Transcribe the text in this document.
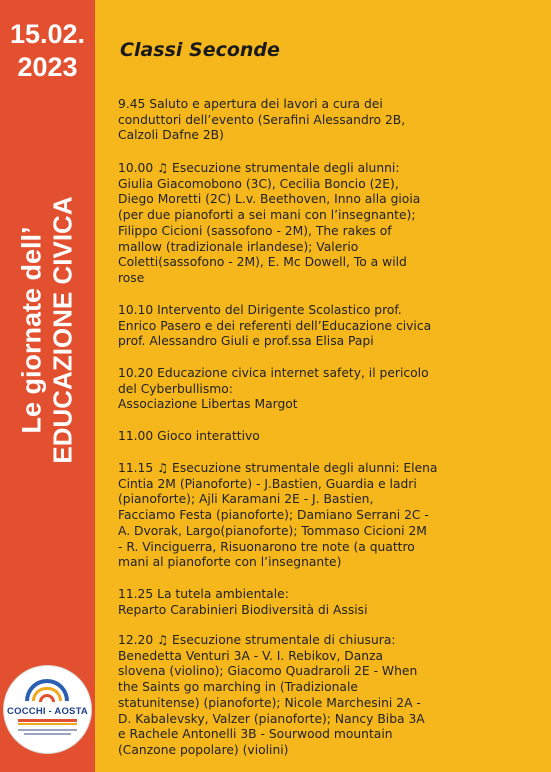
15.02.
2023
Le giornate dell’ EDUCAZIONE CIVICA
COCCHI - AOSTA
Classi Seconde
9.45 Saluto e apertura dei lavori a cura dei
conduttori dell’evento (Serafini Alessandro 2B,
Calzoli Dafne 2B)
10.00 ♫ Esecuzione strumentale degli alunni:
Giulia Giacomobono (3C), Cecilia Boncio (2E),
Diego Moretti (2C) L.v. Beethoven, Inno alla gioia
(per due pianoforti a sei mani con l’insegnante);
Filippo Cicioni (sassofono - 2M), The rakes of
mallow (tradizionale irlandese); Valerio
Coletti(sassofono - 2M), E. Mc Dowell, To a wild
rose
10.10 Intervento del Dirigente Scolastico prof.
Enrico Pasero e dei referenti dell’Educazione civica
prof. Alessandro Giuli e prof.ssa Elisa Papi
10.20 Educazione civica internet safety, il pericolo
del Cyberbullismo:
Associazione Libertas Margot
11.00 Gioco interattivo
11.15 ♫ Esecuzione strumentale degli alunni: Elena
Cintia 2M (Pianoforte) - J.Bastien, Guardia e ladri
(pianoforte); Ajli Karamani 2E - J. Bastien,
Facciamo Festa (pianoforte); Damiano Serrani 2C -
A. Dvorak, Largo(pianoforte); Tommaso Cicioni 2M
- R. Vinciguerra, Risuonarono tre note (a quattro
mani al pianoforte con l’insegnante)
11.25 La tutela ambientale:
Reparto Carabinieri Biodiversità di Assisi
12.20 ♫ Esecuzione strumentale di chiusura:
Benedetta Venturi 3A - V. I. Rebikov, Danza
slovena (violino); Giacomo Quadraroli 2E - When
the Saints go marching in (Tradizionale
statunitense) (pianoforte); Nicole Marchesini 2A -
D. Kabalevsky, Valzer (pianoforte); Nancy Biba 3A
e Rachele Antonelli 3B - Sourwood mountain
(Canzone popolare) (violini)
